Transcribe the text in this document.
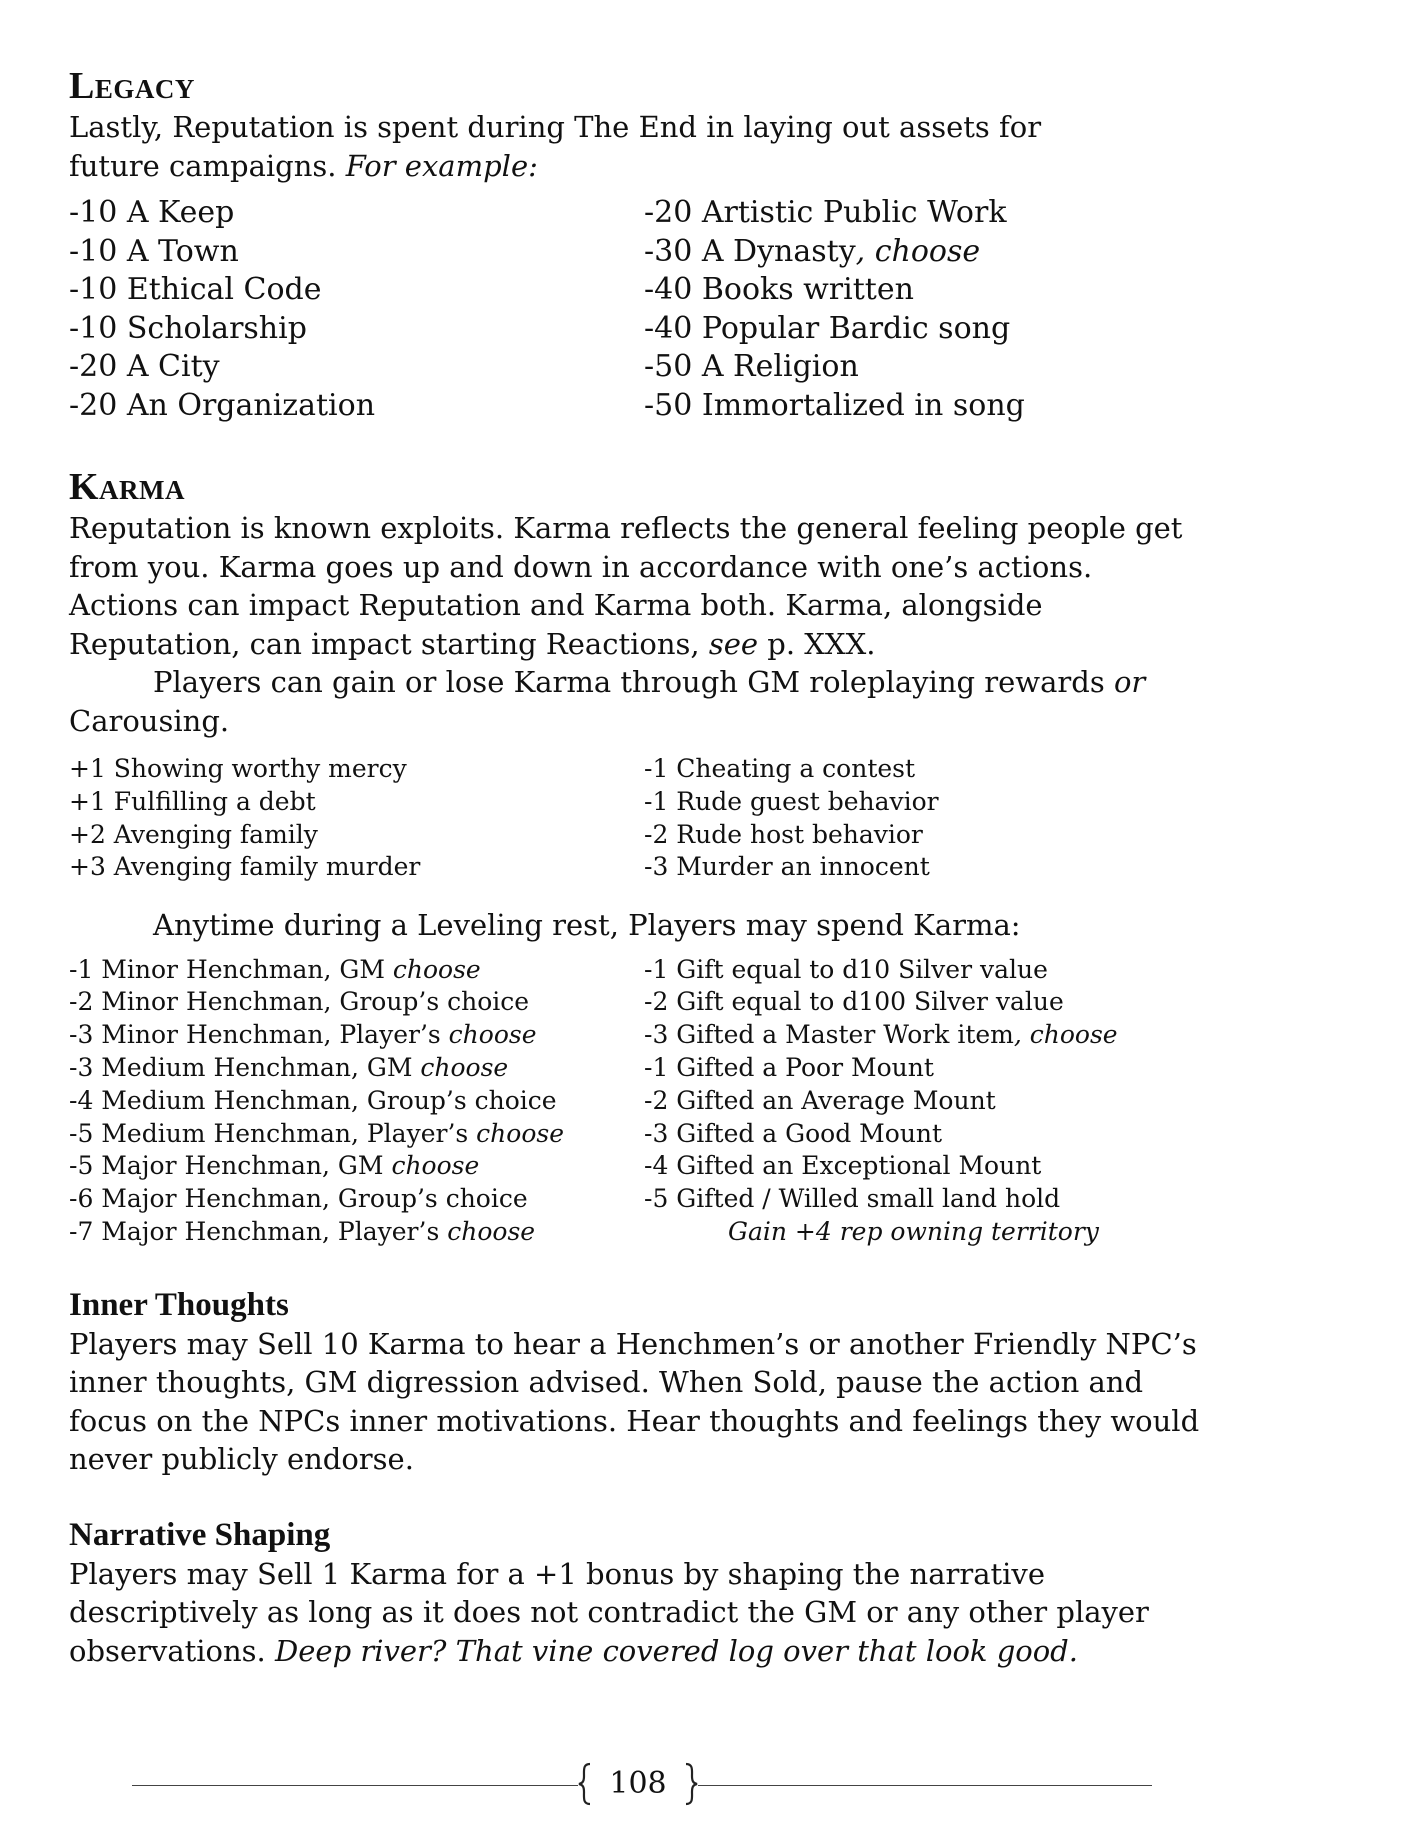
Legacy

Lastly, Reputation is spent during The End in laying out assets for future campaigns. For example:

-10 A Keep
-10 A Town
-10 Ethical Code
-10 Scholarship
-20 A City
-20 An Organization
-20 Artistic Public Work
-30 A Dynasty, choose
-40 Books written
-40 Popular Bardic song
-50 A Religion
-50 Immortalized in song
Karma

Reputation is known exploits. Karma reflects the general feeling people get from you. Karma goes up and down in accordance with one’s actions. Actions can impact Reputation and Karma both. Karma, alongside Reputation, can impact starting Reactions, see p. XXX.

Players can gain or lose Karma through GM roleplaying rewards or Carousing.

+1 Showing worthy mercy
+1 Fulfilling a debt
+2 Avenging family
+3 Avenging family murder
-1 Cheating a contest
-1 Rude guest behavior
-2 Rude host behavior
-3 Murder an innocent

Anytime during a Leveling rest, Players may spend Karma:

-1 Minor Henchman, GM choose
-2 Minor Henchman, Group’s choice
-3 Minor Henchman, Player’s choose
-3 Medium Henchman, GM choose
-4 Medium Henchman, Group’s choice
-5 Medium Henchman, Player’s choose
-5 Major Henchman, GM choose
-6 Major Henchman, Group’s choice
-7 Major Henchman, Player’s choose
-1 Gift equal to d10 Silver value
-2 Gift equal to d100 Silver value
-3 Gifted a Master Work item, choose
-1 Gifted a Poor Mount
-2 Gifted an Average Mount
-3 Gifted a Good Mount
-4 Gifted an Exceptional Mount
-5 Gifted / Willed small land hold
Gain +4 rep owning territory
Inner Thoughts

Players may Sell 10 Karma to hear a Henchmen’s or another Friendly NPC’s inner thoughts, GM digression advised. When Sold, pause the action and focus on the NPCs inner motivations. Hear thoughts and feelings they would never publicly endorse.

Narrative Shaping

Players may Sell 1 Karma for a +1 bonus by shaping the narrative descriptively as long as it does not contradict the GM or any other player observations. Deep river? That vine covered log over that look good.

108
